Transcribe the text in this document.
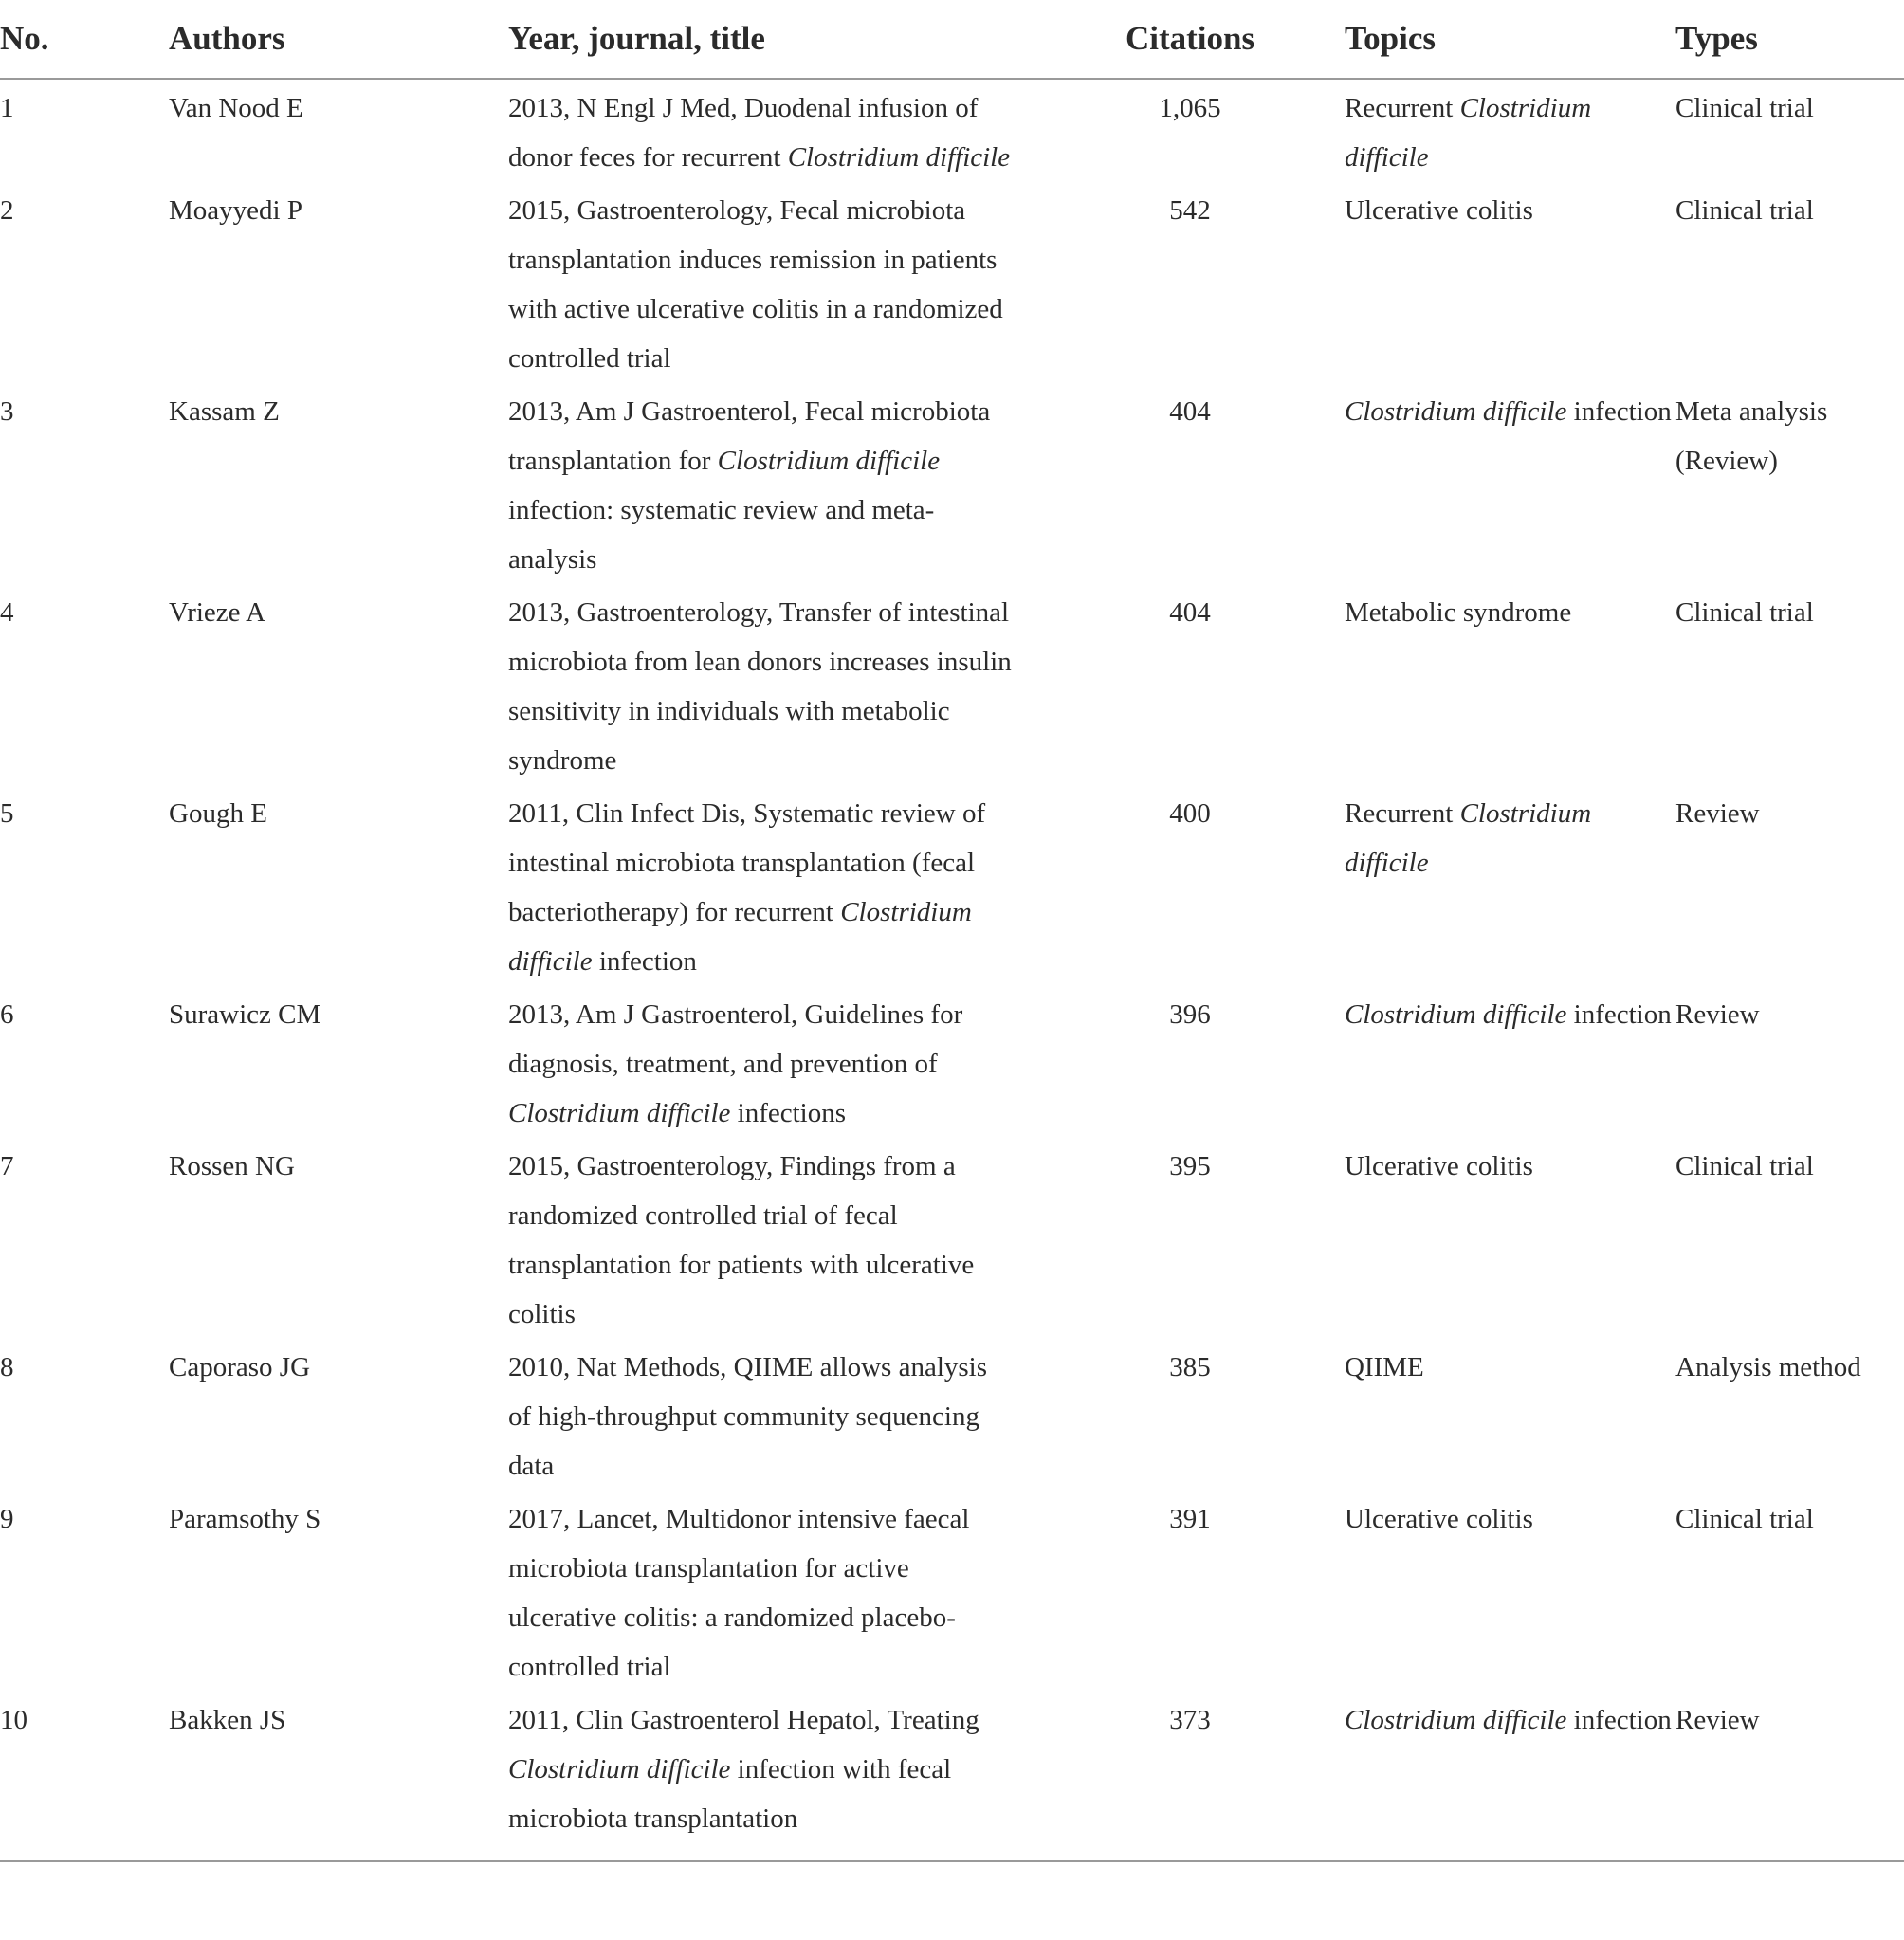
No.	Authors	Year, journal, title	Citations	Topics	Types
1	Van Nood E	2013, N Engl J Med, Duodenal infusion of donor feces for recurrent Clostridium difficile	1,065	Recurrent Clostridium difficile	Clinical trial
2	Moayyedi P	2015, Gastroenterology, Fecal microbiota transplantation induces remission in patients with active ulcerative colitis in a randomized controlled trial	542	Ulcerative colitis	Clinical trial
3	Kassam Z	2013, Am J Gastroenterol, Fecal microbiota transplantation for Clostridium difficile infection: systematic review and meta-analysis	404	Clostridium difficile infection	Meta analysis (Review)
4	Vrieze A	2013, Gastroenterology, Transfer of intestinal microbiota from lean donors increases insulin sensitivity in individuals with metabolic syndrome	404	Metabolic syndrome	Clinical trial
5	Gough E	2011, Clin Infect Dis, Systematic review of intestinal microbiota transplantation (fecal bacteriotherapy) for recurrent Clostridium difficile infection	400	Recurrent Clostridium difficile	Review
6	Surawicz CM	2013, Am J Gastroenterol, Guidelines for diagnosis, treatment, and prevention of Clostridium difficile infections	396	Clostridium difficile infection	Review
7	Rossen NG	2015, Gastroenterology, Findings from a randomized controlled trial of fecal transplantation for patients with ulcerative colitis	395	Ulcerative colitis	Clinical trial
8	Caporaso JG	2010, Nat Methods, QIIME allows analysis of high-throughput community sequencing data	385	QIIME	Analysis method
9	Paramsothy S	2017, Lancet, Multidonor intensive faecal microbiota transplantation for active ulcerative colitis: a randomized placebo-controlled trial	391	Ulcerative colitis	Clinical trial
10	Bakken JS	2011, Clin Gastroenterol Hepatol, Treating Clostridium difficile infection with fecal microbiota transplantation	373	Clostridium difficile infection	Review
